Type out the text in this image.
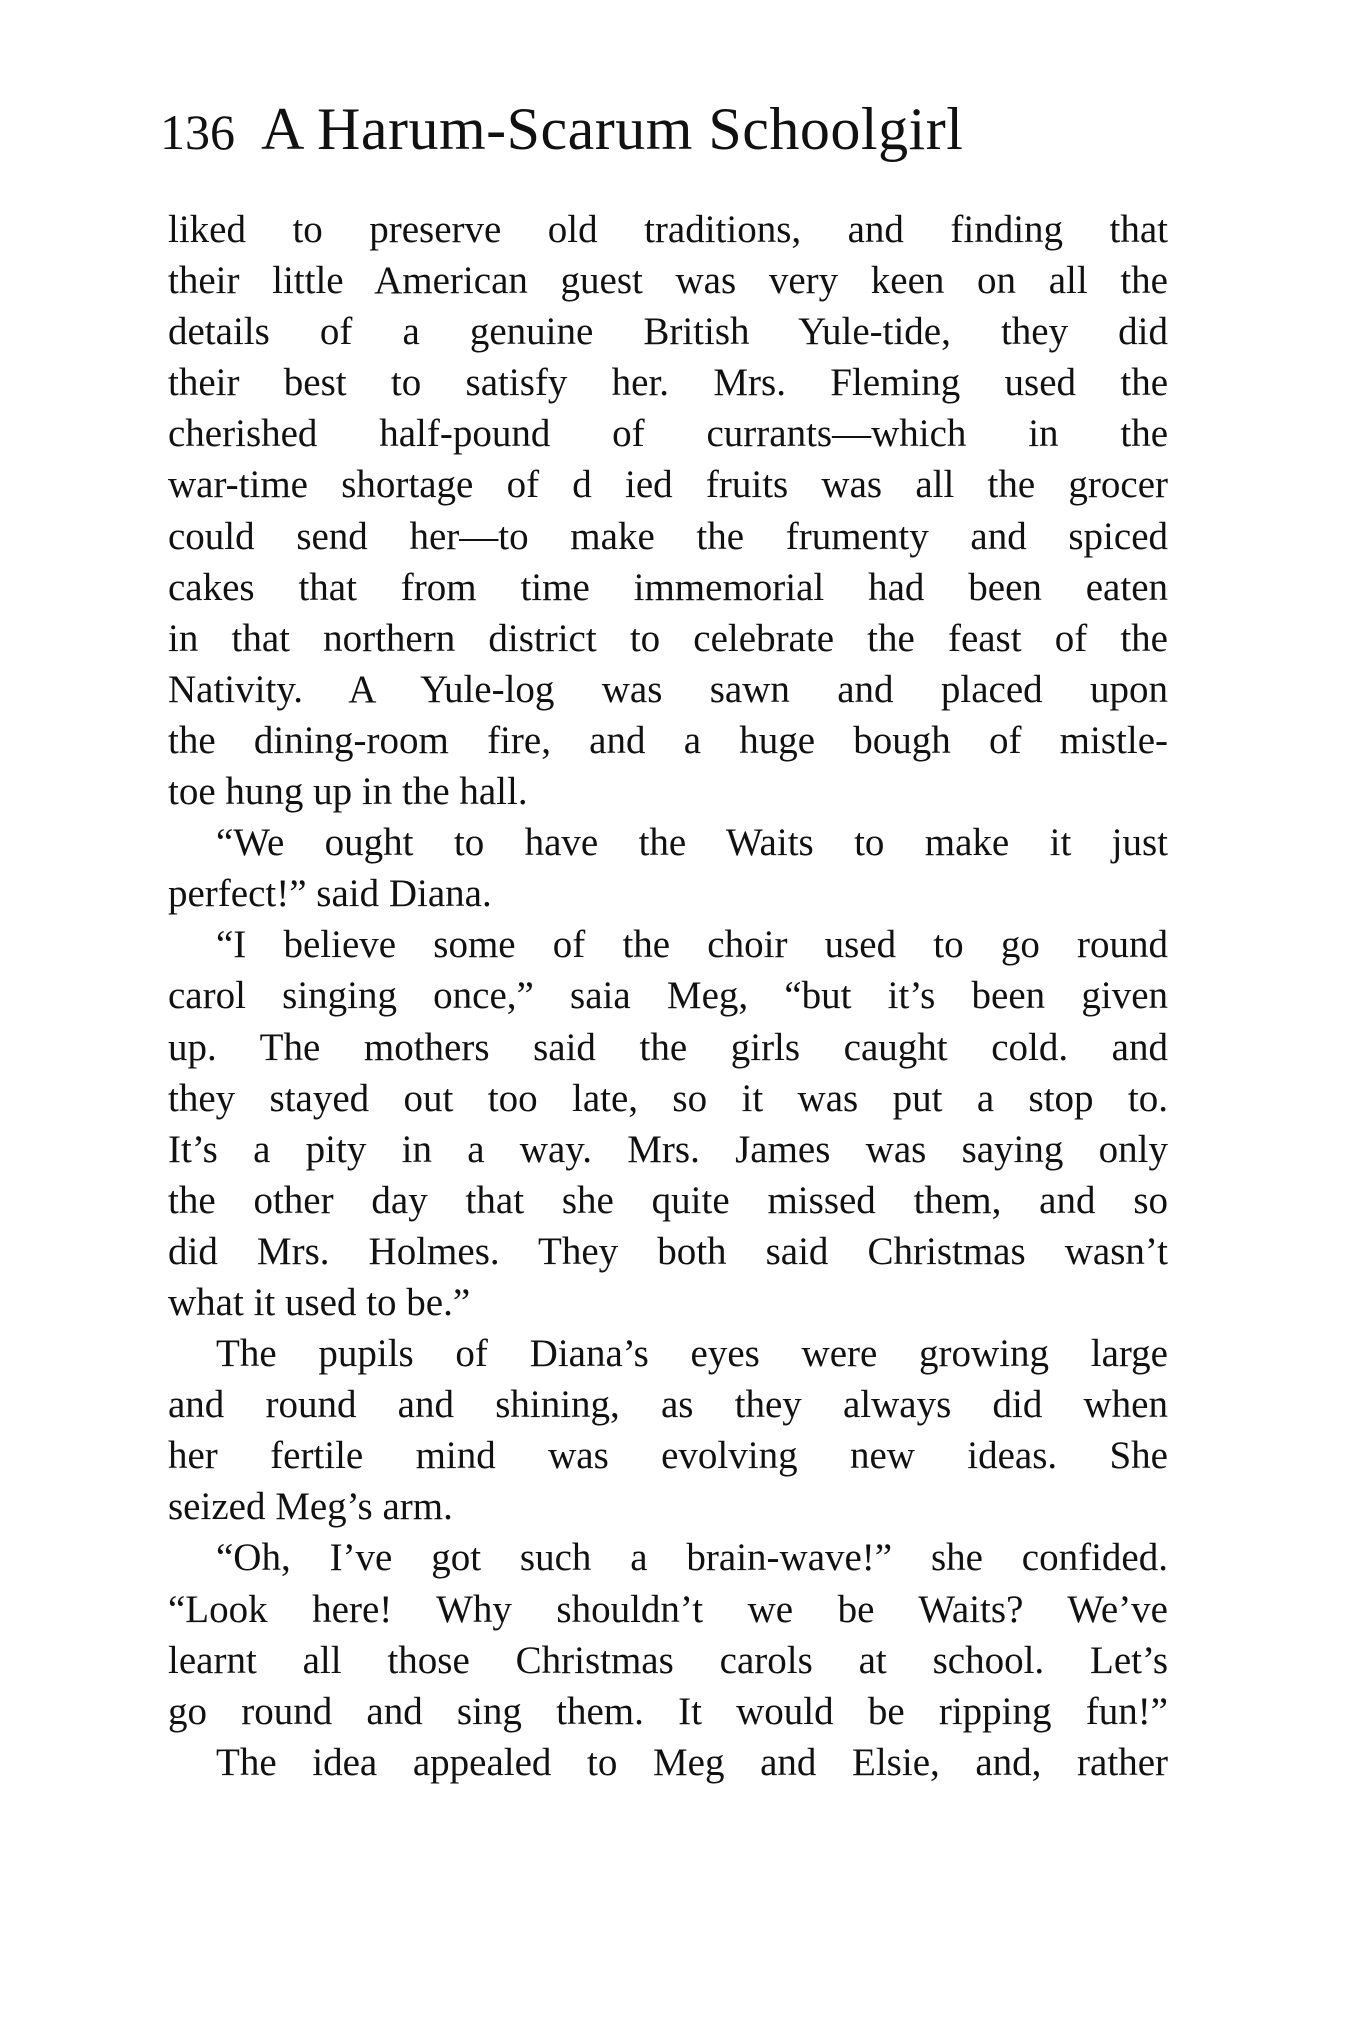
136 A Harum-Scarum Schoolgirl
liked to preserve old traditions, and finding that
their little American guest was very keen on all the
details of a genuine British Yule-tide, they did
their best to satisfy her. Mrs. Fleming used the
cherished half-pound of currants—which in the
war-time shortage of d ied fruits was all the grocer
could send her—to make the frumenty and spiced
cakes that from time immemorial had been eaten
in that northern district to celebrate the feast of the
Nativity. A Yule-log was sawn and placed upon
the dining-room fire, and a huge bough of mistle-
toe hung up in the hall.
“We ought to have the Waits to make it just
perfect!” said Diana.
“I believe some of the choir used to go round
carol singing once,” saia Meg, “but it’s been given
up. The mothers said the girls caught cold. and
they stayed out too late, so it was put a stop to.
It’s a pity in a way. Mrs. James was saying only
the other day that she quite missed them, and so
did Mrs. Holmes. They both said Christmas wasn’t
what it used to be.”
The pupils of Diana’s eyes were growing large
and round and shining, as they always did when
her fertile mind was evolving new ideas. She
seized Meg’s arm.
“Oh, I’ve got such a brain-wave!” she confided.
“Look here! Why shouldn’t we be Waits? We’ve
learnt all those Christmas carols at school. Let’s
go round and sing them. It would be ripping fun!”
The idea appealed to Meg and Elsie, and, rather
